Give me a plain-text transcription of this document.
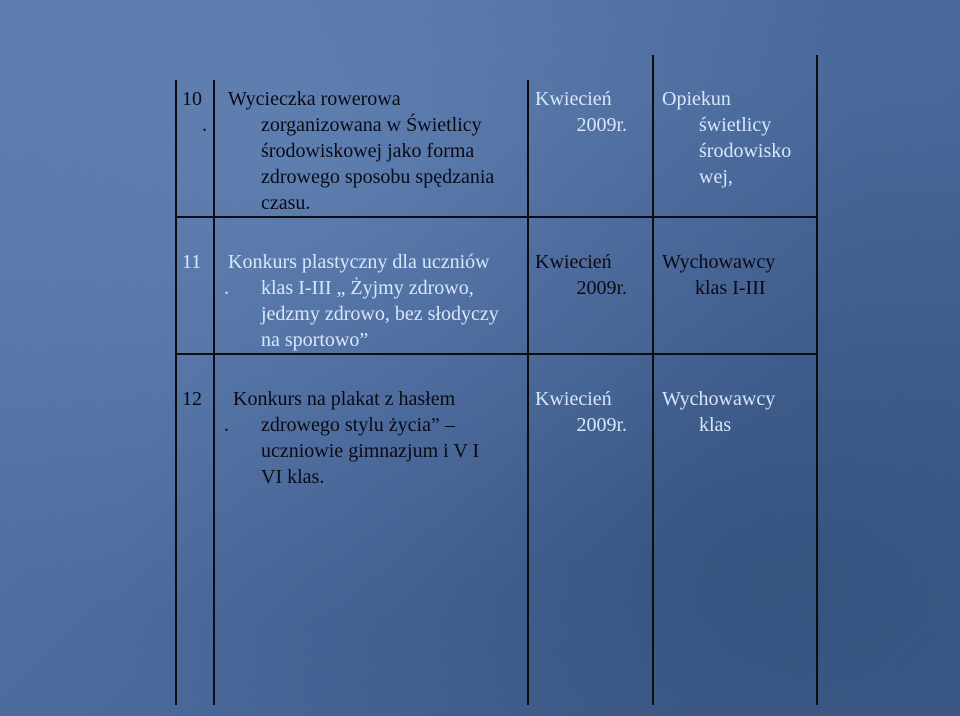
10
.
Wycieczka rowerowa
zorganizowana w Świetlicy
środowiskowej jako forma
zdrowego sposobu spędzania
czasu.
Kwiecień
2009r.
Opiekun
świetlicy
środowisko
wej,
11
.
Konkurs plastyczny dla uczniów
klas I-III „ Żyjmy zdrowo,
jedzmy zdrowo, bez słodyczy
na sportowo”
Kwiecień
2009r.
Wychowawcy
klas I-III
12
.
Konkurs na plakat z hasłem
zdrowego stylu życia” –
uczniowie gimnazjum i V I
VI klas.
Kwiecień
2009r.
Wychowawcy
klas
